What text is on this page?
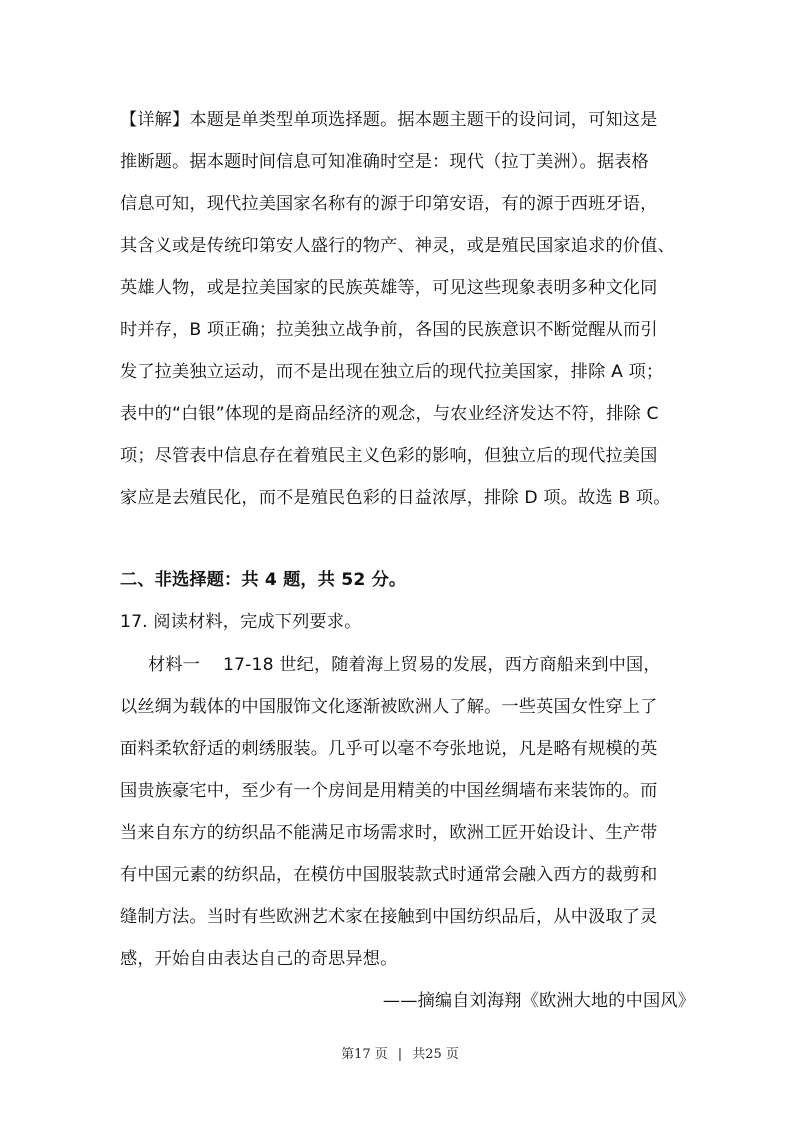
【详解】本题是单类型单项选择题。据本题主题干的设问词，可知这是
推断题。据本题时间信息可知准确时空是：现代（拉丁美洲）。据表格
信息可知，现代拉美国家名称有的源于印第安语，有的源于西班牙语，
其含义或是传统印第安人盛行的物产、神灵，或是殖民国家追求的价值、
英雄人物，或是拉美国家的民族英雄等，可见这些现象表明多种文化同
时并存，B 项正确；拉美独立战争前，各国的民族意识不断觉醒从而引
发了拉美独立运动，而不是出现在独立后的现代拉美国家，排除 A 项；
表中的“白银”体现的是商品经济的观念，与农业经济发达不符，排除 C
项；尽管表中信息存在着殖民主义色彩的影响，但独立后的现代拉美国
家应是去殖民化，而不是殖民色彩的日益浓厚，排除 D 项。故选 B 项。
二、非选择题：共 4 题，共 52 分。
17. 阅读材料，完成下列要求。
材料一　 17-18 世纪，随着海上贸易的发展，西方商船来到中国，
以丝绸为载体的中国服饰文化逐渐被欧洲人了解。一些英国女性穿上了
面料柔软舒适的刺绣服装。几乎可以毫不夸张地说，凡是略有规模的英
国贵族豪宅中，至少有一个房间是用精美的中国丝绸墙布来装饰的。而
当来自东方的纺织品不能满足市场需求时，欧洲工匠开始设计、生产带
有中国元素的纺织品，在模仿中国服装款式时通常会融入西方的裁剪和
缝制方法。当时有些欧洲艺术家在接触到中国纺织品后，从中汲取了灵
感，开始自由表达自己的奇思异想。
——摘编自刘海翔《欧洲大地的中国风》
第17 页 | 共25 页
